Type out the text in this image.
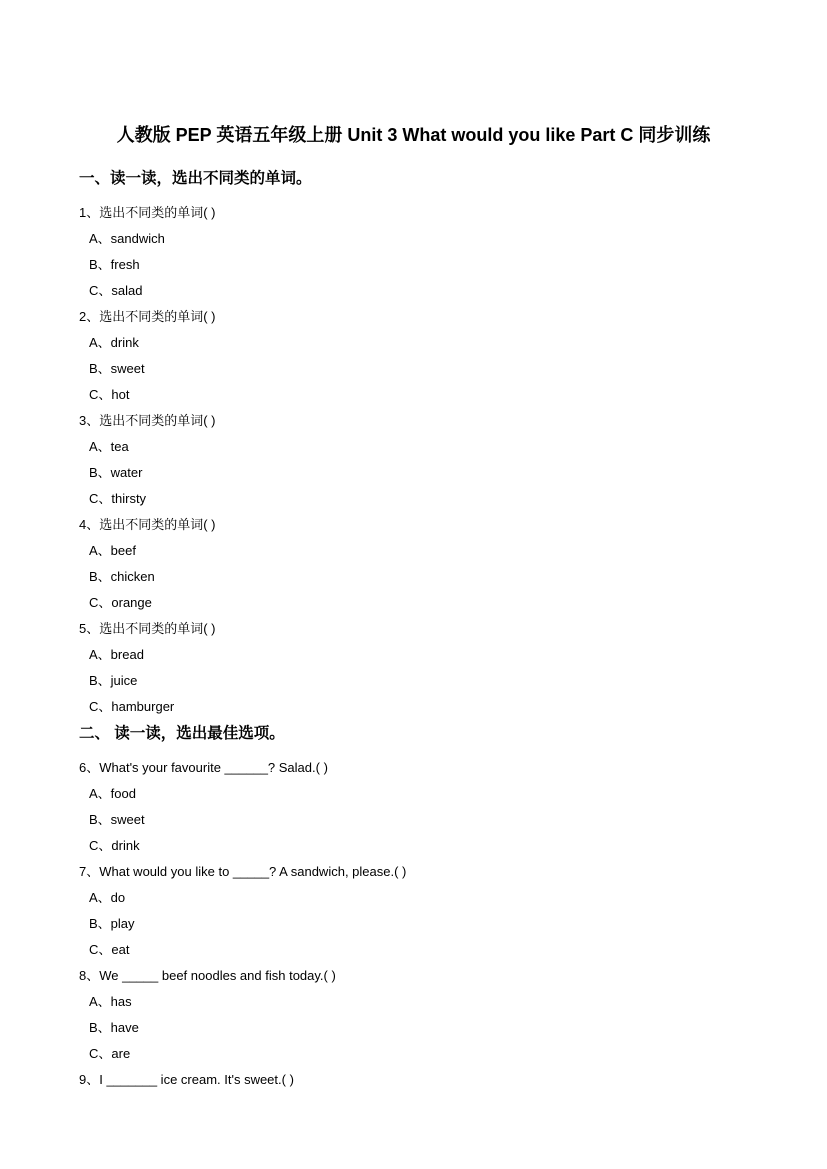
人教版 PEP 英语五年级上册 Unit 3 What would you like Part C 同步训练
一、读一读，选出不同类的单词。
1、选出不同类的单词( )
A、sandwich
B、fresh
C、salad
2、选出不同类的单词( )
A、drink
B、sweet
C、hot
3、选出不同类的单词( )
A、tea
B、water
C、thirsty
4、选出不同类的单词( )
A、beef
B、chicken
C、orange
5、选出不同类的单词( )
A、bread
B、juice
C、hamburger
二、 读一读，选出最佳选项。
6、What's your favourite ______? Salad.( )
A、food
B、sweet
C、drink
7、What would you like to _____? A sandwich, please.( )
A、do
B、play
C、eat
8、We _____ beef noodles and fish today.( )
A、has
B、have
C、are
9、I _______ ice cream. It's sweet.( )
